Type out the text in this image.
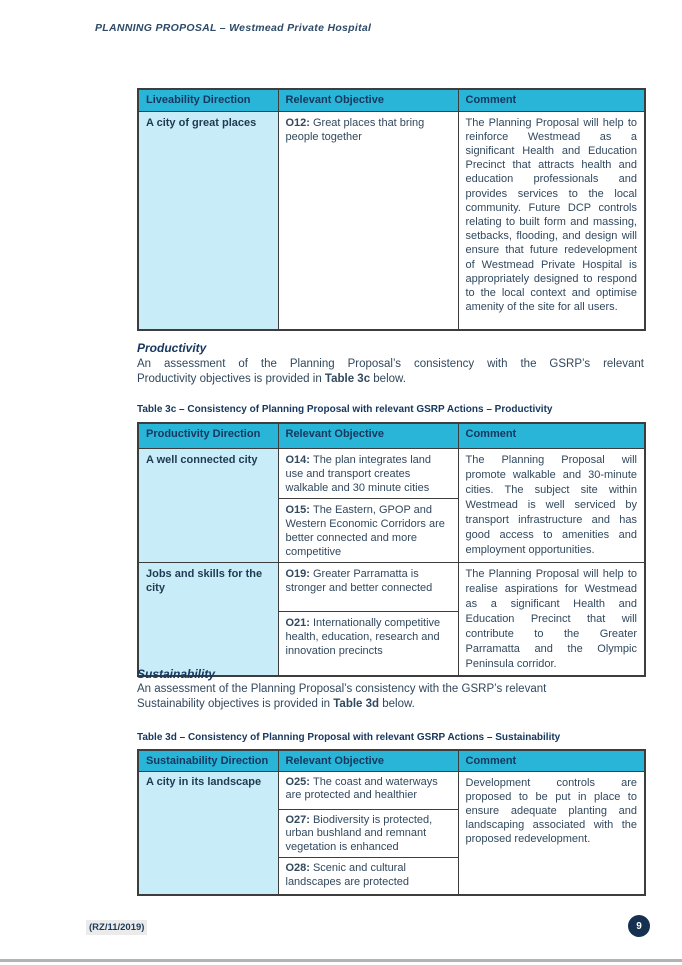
PLANNING PROPOSAL – Westmead Private Hospital
Liveability Direction	Relevant Objective	Comment
A city of great places	O12: Great places that bring people together	The Planning Proposal will help to reinforce Westmead as a significant Health and Education Precinct that attracts health and education professionals and provides services to the local community. Future DCP controls relating to built form and massing, setbacks, flooding, and design will ensure that future redevelopment of Westmead Private Hospital is appropriately designed to respond to the local context and optimise amenity of the site for all users.
Productivity
An assessment of the Planning Proposal’s consistency with the GSRP’s relevant
Productivity objectives is provided in Table 3c below.
Table 3c – Consistency of Planning Proposal with relevant GSRP Actions – Productivity
Productivity Direction	Relevant Objective	Comment
A well connected city	O14: The plan integrates land use and transport creates walkable and 30 minute cities	The Planning Proposal will promote walkable and 30-minute cities. The subject site within Westmead is well serviced by transport infrastructure and has good access to amenities and employment opportunities.
	O15: The Eastern, GPOP and Western Economic Corridors are better connected and more competitive	
Jobs and skills for the city	O19: Greater Parramatta is stronger and better connected	The Planning Proposal will help to realise aspirations for Westmead as a significant Health and Education Precinct that will contribute to the Greater Parramatta and the Olympic Peninsula corridor.
	O21: Internationally competitive health, education, research and innovation precincts	
Sustainability
An assessment of the Planning Proposal’s consistency with the GSRP’s relevant
Sustainability objectives is provided in Table 3d below.
Table 3d – Consistency of Planning Proposal with relevant GSRP Actions – Sustainability
Sustainability Direction	Relevant Objective	Comment
A city in its landscape	O25: The coast and waterways are protected and healthier	Development controls are proposed to be put in place to ensure adequate planting and landscaping associated with the proposed redevelopment.
	O27: Biodiversity is protected, urban bushland and remnant vegetation is enhanced	
	O28: Scenic and cultural landscapes are protected	
(RZ/11/2019)	9
